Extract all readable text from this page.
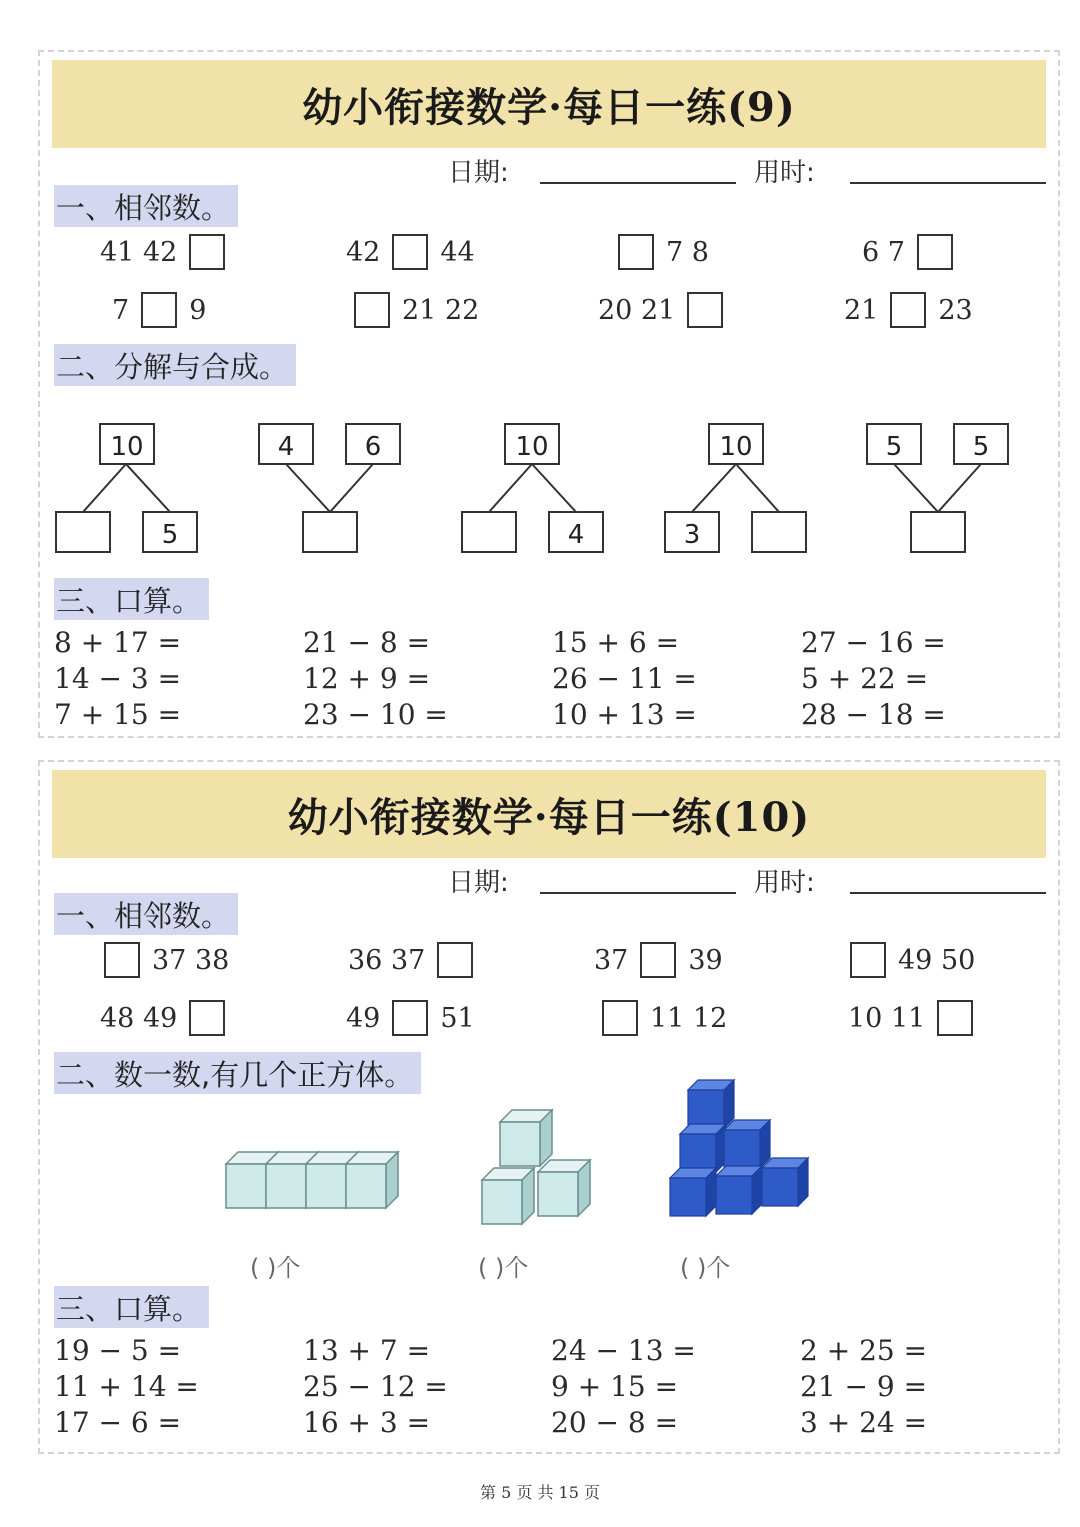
幼小衔接数学·每日一练(9)
日期:	用时:
一、相邻数。
41 42	42 44	7 8	6 7
7 9	21 22	20 21	21 23
二、分解与合成。
10
5
4	6	10
4
10
3
5	5
三、口算。
8 + 17 =	21 − 8 =	15 + 6 =	27 − 16 =
14 − 3 =	12 + 9 =	26 − 11 =	5 + 22 =
7 + 15 =	23 − 10 =	10 + 13 =	28 − 18 =
幼小衔接数学·每日一练(10)
日期:	用时:
一、相邻数。
37 38	36 37	37 39	49 50
48 49	49 51	11 12	10 11
二、数一数,有几个正方体。
( )个	( )个	( )个
三、口算。
19 − 5 =	13 + 7 =	24 − 13 =	2 + 25 =
11 + 14 =	25 − 12 =	9 + 15 =	21 − 9 =
17 − 6 =	16 + 3 =	20 − 8 =	3 + 24 =
第 5 页 共 15 页
